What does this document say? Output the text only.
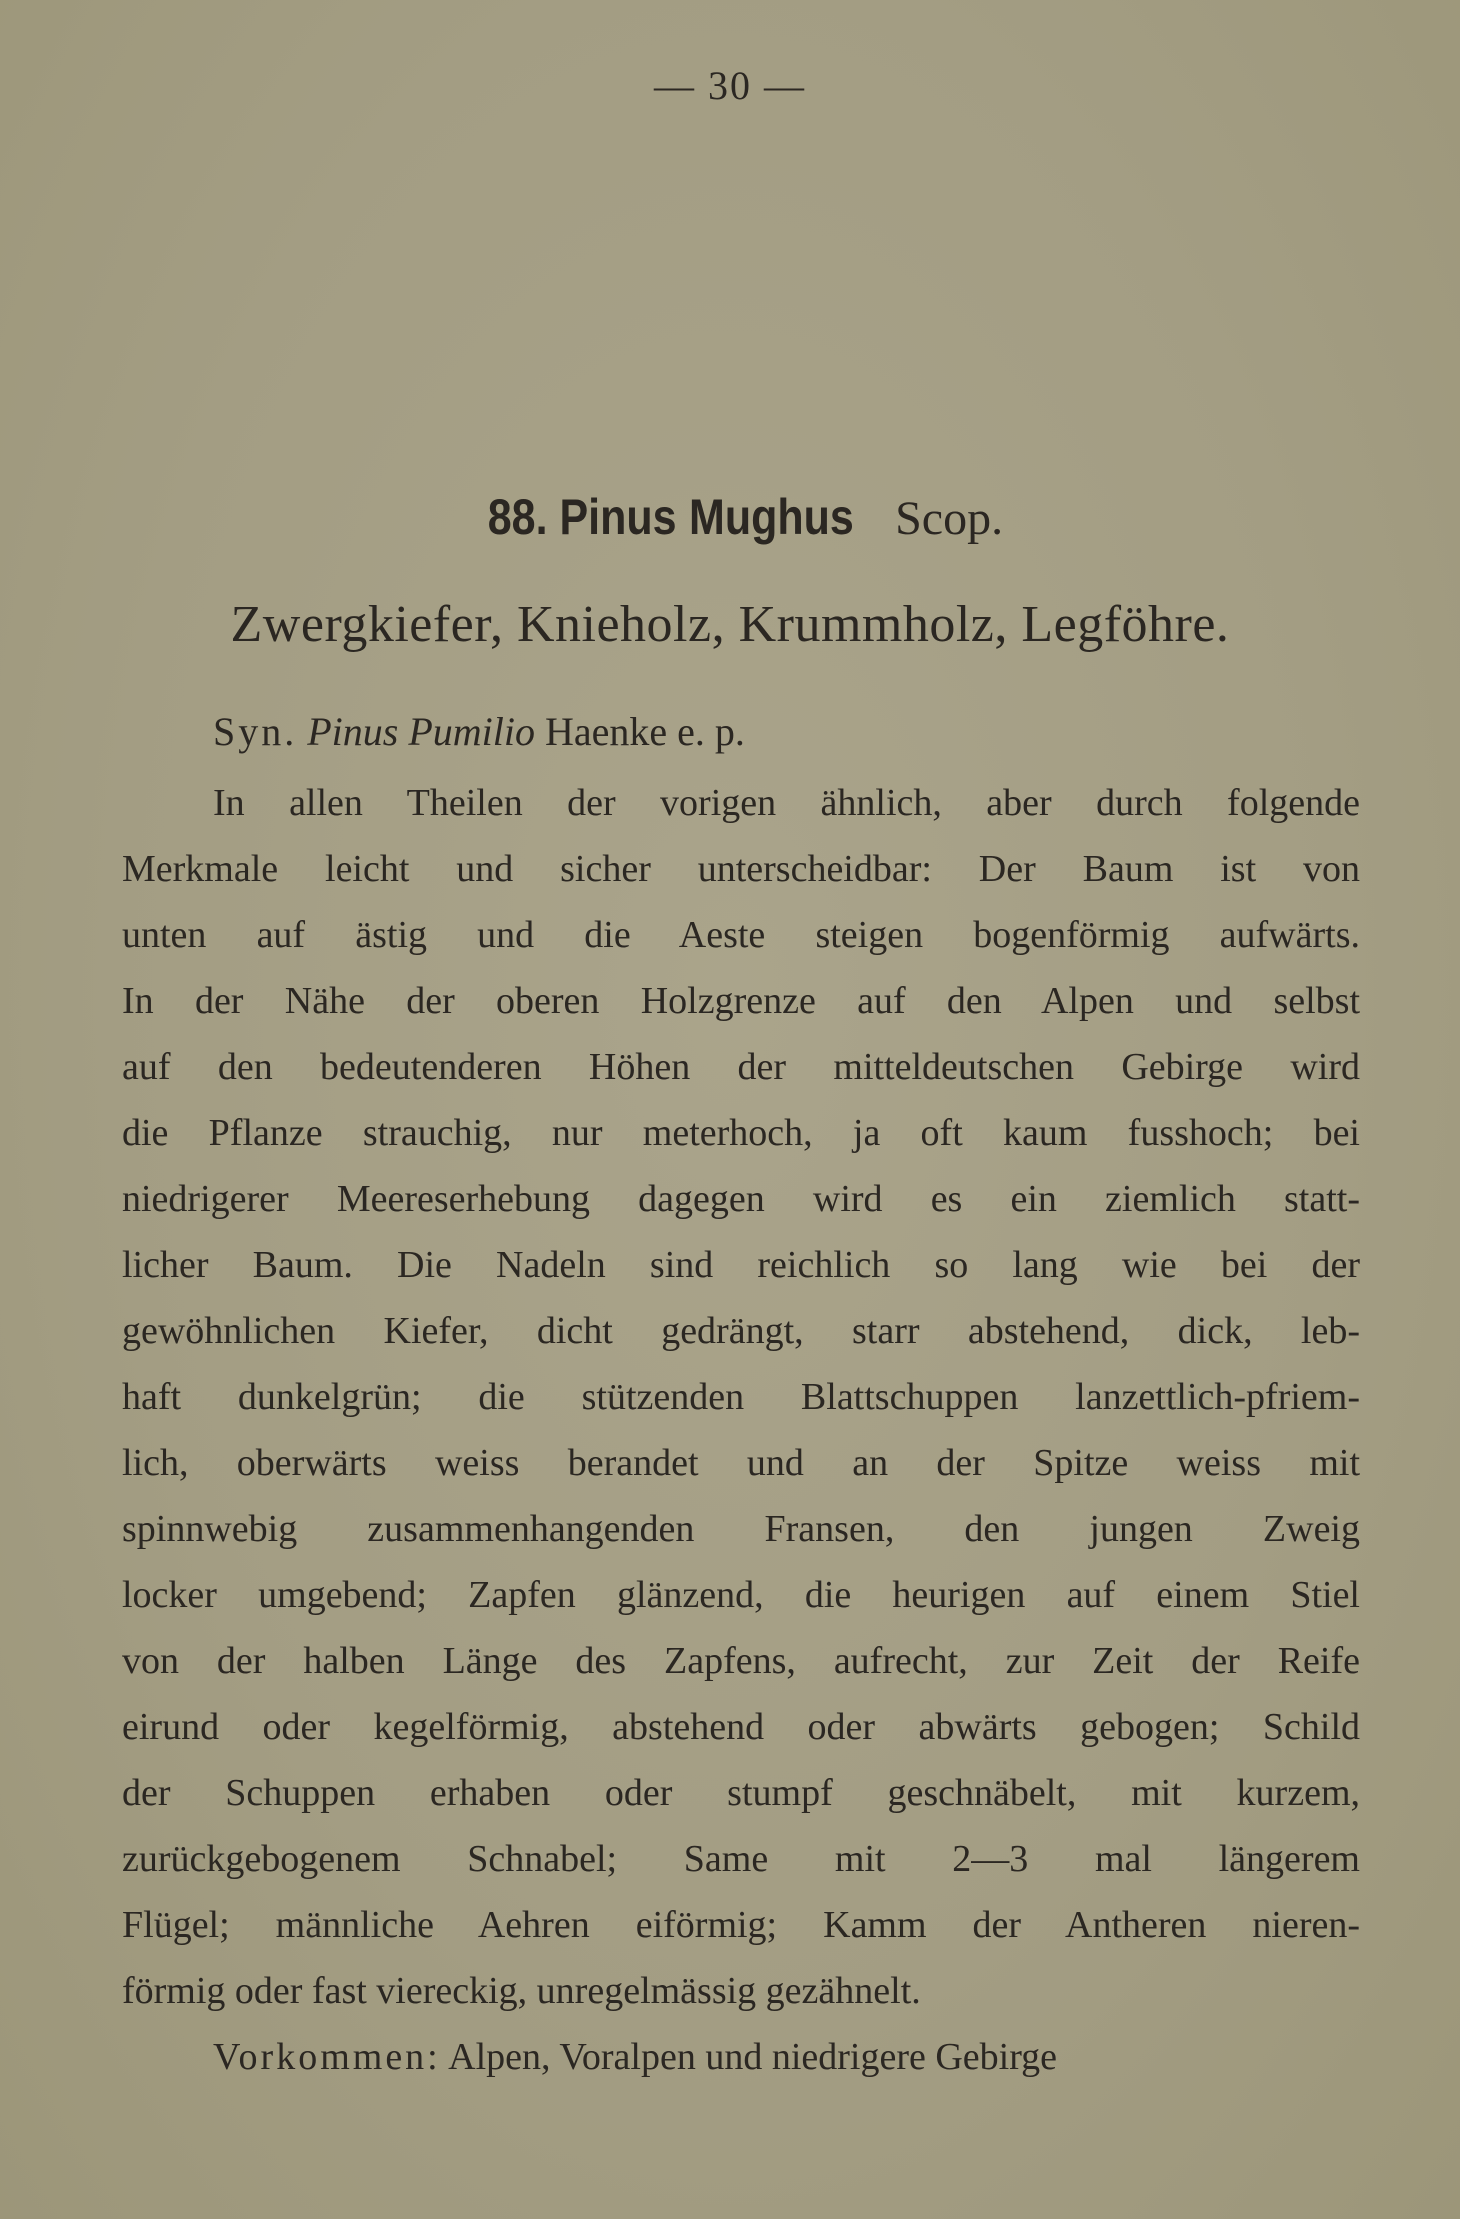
— 30 —
88. Pinus Mughus Scop.
Zwergkiefer, Knieholz, Krummholz, Legföhre.
Syn. Pinus Pumilio Haenke e. p.
In allen Theilen der vorigen ähnlich, aber durch folgende
Merkmale leicht und sicher unterscheidbar: Der Baum ist von
unten auf ästig und die Aeste steigen bogenförmig aufwärts.
In der Nähe der oberen Holzgrenze auf den Alpen und selbst
auf den bedeutenderen Höhen der mitteldeutschen Gebirge wird
die Pflanze strauchig, nur meterhoch, ja oft kaum fusshoch; bei
niedrigerer Meereserhebung dagegen wird es ein ziemlich statt-
licher Baum. Die Nadeln sind reichlich so lang wie bei der
gewöhnlichen Kiefer, dicht gedrängt, starr abstehend, dick, leb-
haft dunkelgrün; die stützenden Blattschuppen lanzettlich-pfriem-
lich, oberwärts weiss berandet und an der Spitze weiss mit
spinnwebig zusammenhangenden Fransen, den jungen Zweig
locker umgebend; Zapfen glänzend, die heurigen auf einem Stiel
von der halben Länge des Zapfens, aufrecht, zur Zeit der Reife
eirund oder kegelförmig, abstehend oder abwärts gebogen; Schild
der Schuppen erhaben oder stumpf geschnäbelt, mit kurzem,
zurückgebogenem Schnabel; Same mit 2—3 mal längerem
Flügel; männliche Aehren eiförmig; Kamm der Antheren nieren-
förmig oder fast viereckig, unregelmässig gezähnelt.
Vorkommen: Alpen, Voralpen und niedrigere Gebirge
